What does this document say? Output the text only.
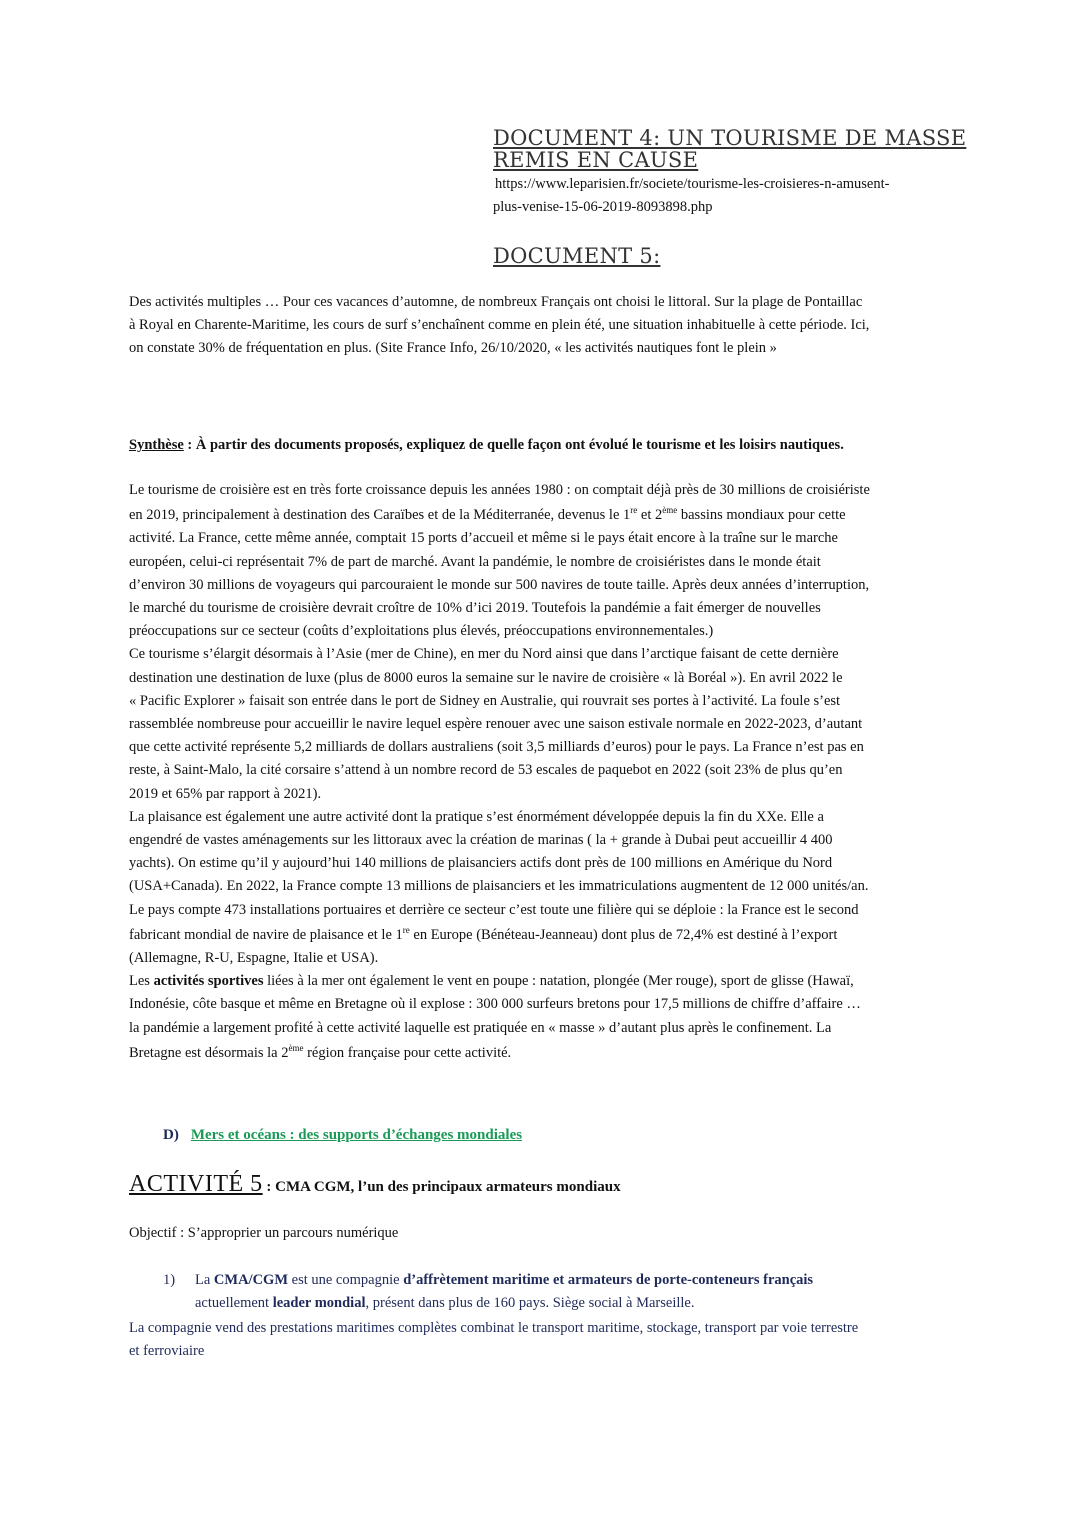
DOCUMENT 4: UN TOURISME DE MASSE
REMIS EN CAUSE
https://www.leparisien.fr/societe/tourisme-les-croisieres-n-amusent-
plus-venise-15-06-2019-8093898.php
DOCUMENT 5:

Des activités multiples … Pour ces vacances d’automne, de nombreux Français ont choisi le littoral. Sur la plage de Pontaillac

à Royal en Charente-Maritime, les cours de surf s’enchaînent comme en plein été, une situation inhabituelle à cette période. Ici,

on constate 30% de fréquentation en plus. (Site France Info, 26/10/2020, « les activités nautiques font le plein »

Synthèse : À partir des documents proposés, expliquez de quelle façon ont évolué le tourisme et les loisirs nautiques.

Le tourisme de croisière est en très forte croissance depuis les années 1980 : on comptait déjà près de 30 millions de croisiériste

en 2019, principalement à destination des Caraïbes et de la Méditerranée, devenus le 1re et 2ème bassins mondiaux pour cette

activité. La France, cette même année, comptait 15 ports d’accueil et même si le pays était encore à la traîne sur le marche

européen, celui-ci représentait 7% de part de marché. Avant la pandémie, le nombre de croisiéristes dans le monde était

d’environ 30 millions de voyageurs qui parcouraient le monde sur 500 navires de toute taille. Après deux années d’interruption,

le marché du tourisme de croisière devrait croître de 10% d’ici 2019. Toutefois la pandémie a fait émerger de nouvelles

préoccupations sur ce secteur (coûts d’exploitations plus élevés, préoccupations environnementales.)

Ce tourisme s’élargit désormais à l’Asie (mer de Chine), en mer du Nord ainsi que dans l’arctique faisant de cette dernière

destination une destination de luxe (plus de 8000 euros la semaine sur le navire de croisière « là Boréal »). En avril 2022 le

« Pacific Explorer » faisait son entrée dans le port de Sidney en Australie, qui rouvrait ses portes à l’activité. La foule s’est

rassemblée nombreuse pour accueillir le navire lequel espère renouer avec une saison estivale normale en 2022-2023, d’autant

que cette activité représente 5,2 milliards de dollars australiens (soit 3,5 milliards d’euros) pour le pays. La France n’est pas en

reste, à Saint-Malo, la cité corsaire s’attend à un nombre record de 53 escales de paquebot en 2022 (soit 23% de plus qu’en

2019 et 65% par rapport à 2021).

La plaisance est également une autre activité dont la pratique s’est énormément développée depuis la fin du XXe. Elle a

engendré de vastes aménagements sur les littoraux avec la création de marinas ( la + grande à Dubai peut accueillir 4 400

yachts). On estime qu’il y aujourd’hui 140 millions de plaisanciers actifs dont près de 100 millions en Amérique du Nord

(USA+Canada). En 2022, la France compte 13 millions de plaisanciers et les immatriculations augmentent de 12 000 unités/an.

Le pays compte 473 installations portuaires et derrière ce secteur c’est toute une filière qui se déploie : la France est le second

fabricant mondial de navire de plaisance et le 1re en Europe (Bénéteau-Jeanneau) dont plus de 72,4% est destiné à l’export

(Allemagne, R-U, Espagne, Italie et USA).

Les activités sportives liées à la mer ont également le vent en poupe : natation, plongée (Mer rouge), sport de glisse (Hawaï,

Indonésie, côte basque et même en Bretagne où il explose : 300 000 surfeurs bretons pour 17,5 millions de chiffre d’affaire …

la pandémie a largement profité à cette activité laquelle est pratiquée en « masse » d’autant plus après le confinement. La

Bretagne est désormais la 2ème région française pour cette activité.

D) Mers et océans : des supports d’échanges mondiales
ACTIVITÉ 5 : CMA CGM, l’un des principaux armateurs mondiaux
Objectif : S’approprier un parcours numérique
1) La CMA/CGM est une compagnie d’affrètement maritime et armateurs de porte-conteneurs français
actuellement leader mondial, présent dans plus de 160 pays. Siège social à Marseille.

La compagnie vend des prestations maritimes complètes combinat le transport maritime, stockage, transport par voie terrestre

et ferroviaire
